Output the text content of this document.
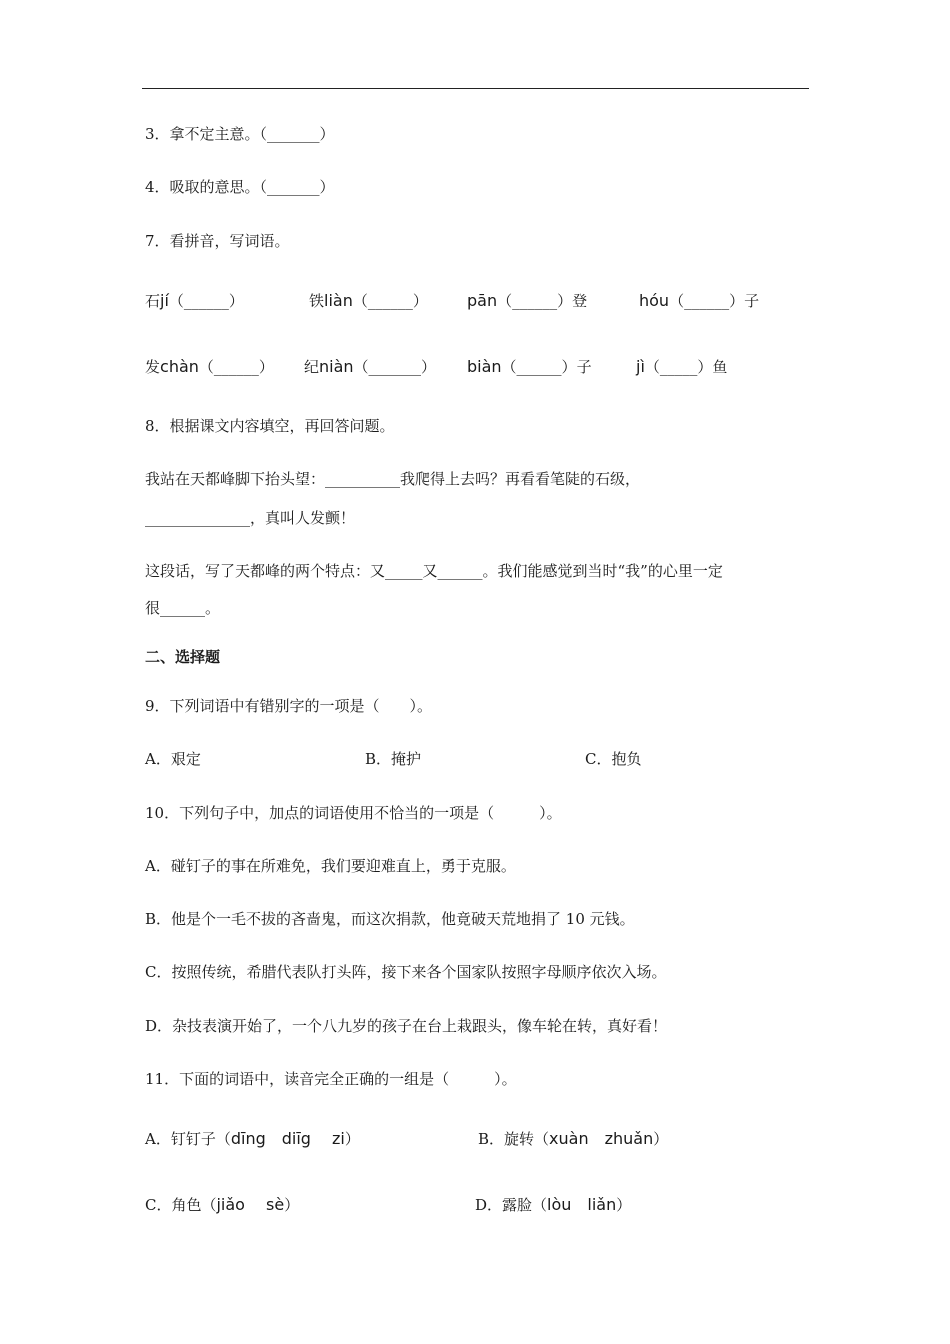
3．拿不定主意。（_______）
4．吸取的意思。（_______）
7．看拼音，写词语。
石jí（______）	铁liàn（______） pān（______）登	hóu（______）子
发chàn（______） 纪niàn（_______） biàn（______）子	jì（_____）鱼
8．根据课文内容填空，再回答问题。
我站在天都峰脚下抬头望：__________我爬得上去吗？再看看笔陡的石级，
______________，真叫人发颤！
这段话，写了天都峰的两个特点：又_____又______。我们能感觉到当时“我”的心里一定
很______。
二、选择题
9．下列词语中有错别字的一项是（　　）。
A．艰定	B．掩护	C．抱负
10．下列句子中，加点的词语使用不恰当的一项是（　　　）。
A．碰钉子的事在所难免，我们要迎难直上，勇于克服。
B．他是个一毛不拔的吝啬鬼，而这次捐款，他竟破天荒地捐了 10 元钱。
C．按照传统，希腊代表队打头阵，接下来各个国家队按照字母顺序依次入场。
D．杂技表演开始了，一个八九岁的孩子在台上栽跟头，像车轮在转，真好看！
11．下面的词语中，读音完全正确的一组是（　　　）。
A．钉钉子（dīng　diīg　 zi）	B．旋转（xuàn　zhuǎn）
C．角色（jiǎo　 sè）	D．露脸（lòu　liǎn）
